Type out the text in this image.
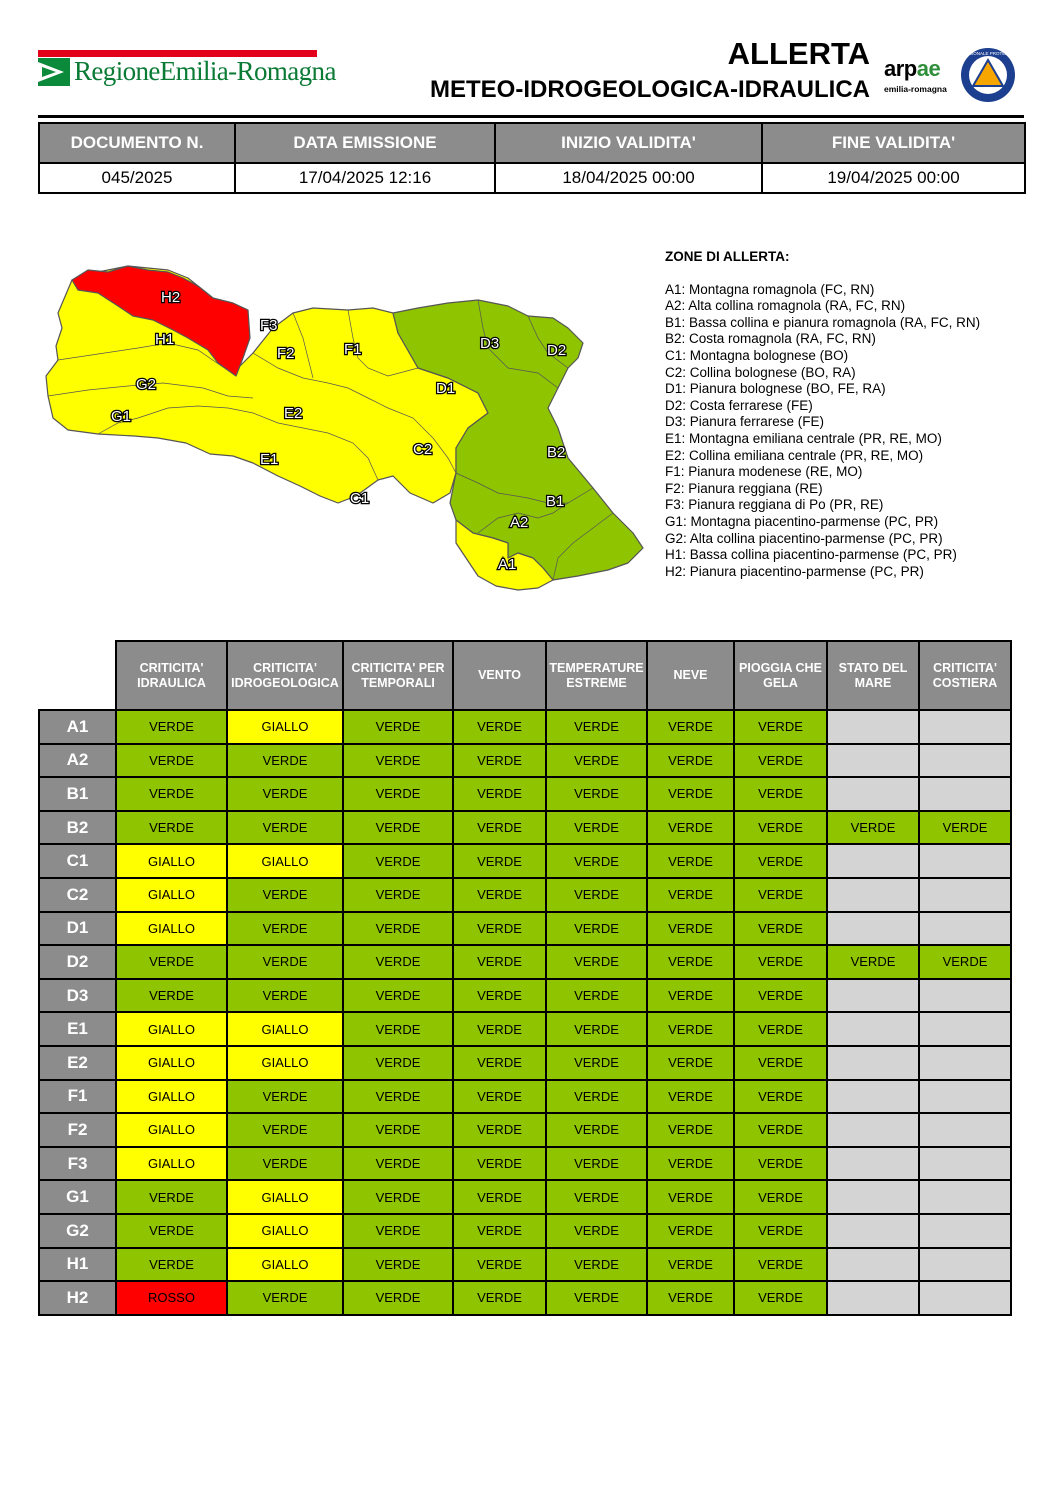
RegioneEmilia-Romagna	ALLERTA
METEO-IDROGEOLOGICA-IDRAULICA
arpae
emilia-romagna
AGENZIA REGIONALE PROTEZIONE CIVILE
DOCUMENTO N.	DATA EMISSIONE	INIZIO VALIDITA'	FINE VALIDITA'
045/2025	17/04/2025 12:16	18/04/2025 00:00	19/04/2025 00:00
H2
H1
G2
G1
F3
F2	F1
E2
E1
C1
C2
D1
D3	D2
B2
B1
A2
A1
ZONE DI ALLERTA:
A1: Montagna romagnola (FC, RN)
A2: Alta collina romagnola (RA, FC, RN)
B1: Bassa collina e pianura romagnola (RA, FC, RN)
B2: Costa romagnola (RA, FC, RN)
C1: Montagna bolognese (BO)
C2: Collina bolognese (BO, RA)
D1: Pianura bolognese (BO, FE, RA)
D2: Costa ferrarese (FE)
D3: Pianura ferrarese (FE)
E1: Montagna emiliana centrale (PR, RE, MO)
E2: Collina emiliana centrale (PR, RE, MO)
F1: Pianura modenese (RE, MO)
F2: Pianura reggiana (RE)
F3: Pianura reggiana di Po (PR, RE)
G1: Montagna piacentino-parmense (PC, PR)
G2: Alta collina piacentino-parmense (PC, PR)
H1: Bassa collina piacentino-parmense (PC, PR)
H2: Pianura piacentino-parmense (PC, PR)
	CRITICITA' IDRAULICA	CRITICITA' IDROGEOLOGICA	CRITICITA' PER TEMPORALI	VENTO	TEMPERATURE ESTREME	NEVE	PIOGGIA CHE GELA	STATO DEL MARE	CRITICITA' COSTIERA
A1	VERDE	GIALLO	VERDE	VERDE	VERDE	VERDE	VERDE		
A2	VERDE	VERDE	VERDE	VERDE	VERDE	VERDE	VERDE		
B1	VERDE	VERDE	VERDE	VERDE	VERDE	VERDE	VERDE		
B2	VERDE	VERDE	VERDE	VERDE	VERDE	VERDE	VERDE	VERDE	VERDE
C1	GIALLO	GIALLO	VERDE	VERDE	VERDE	VERDE	VERDE		
C2	GIALLO	VERDE	VERDE	VERDE	VERDE	VERDE	VERDE		
D1	GIALLO	VERDE	VERDE	VERDE	VERDE	VERDE	VERDE		
D2	VERDE	VERDE	VERDE	VERDE	VERDE	VERDE	VERDE	VERDE	VERDE
D3	VERDE	VERDE	VERDE	VERDE	VERDE	VERDE	VERDE		
E1	GIALLO	GIALLO	VERDE	VERDE	VERDE	VERDE	VERDE		
E2	GIALLO	GIALLO	VERDE	VERDE	VERDE	VERDE	VERDE		
F1	GIALLO	VERDE	VERDE	VERDE	VERDE	VERDE	VERDE		
F2	GIALLO	VERDE	VERDE	VERDE	VERDE	VERDE	VERDE		
F3	GIALLO	VERDE	VERDE	VERDE	VERDE	VERDE	VERDE		
G1	VERDE	GIALLO	VERDE	VERDE	VERDE	VERDE	VERDE		
G2	VERDE	GIALLO	VERDE	VERDE	VERDE	VERDE	VERDE		
H1	VERDE	GIALLO	VERDE	VERDE	VERDE	VERDE	VERDE		
H2	ROSSO	VERDE	VERDE	VERDE	VERDE	VERDE	VERDE		
